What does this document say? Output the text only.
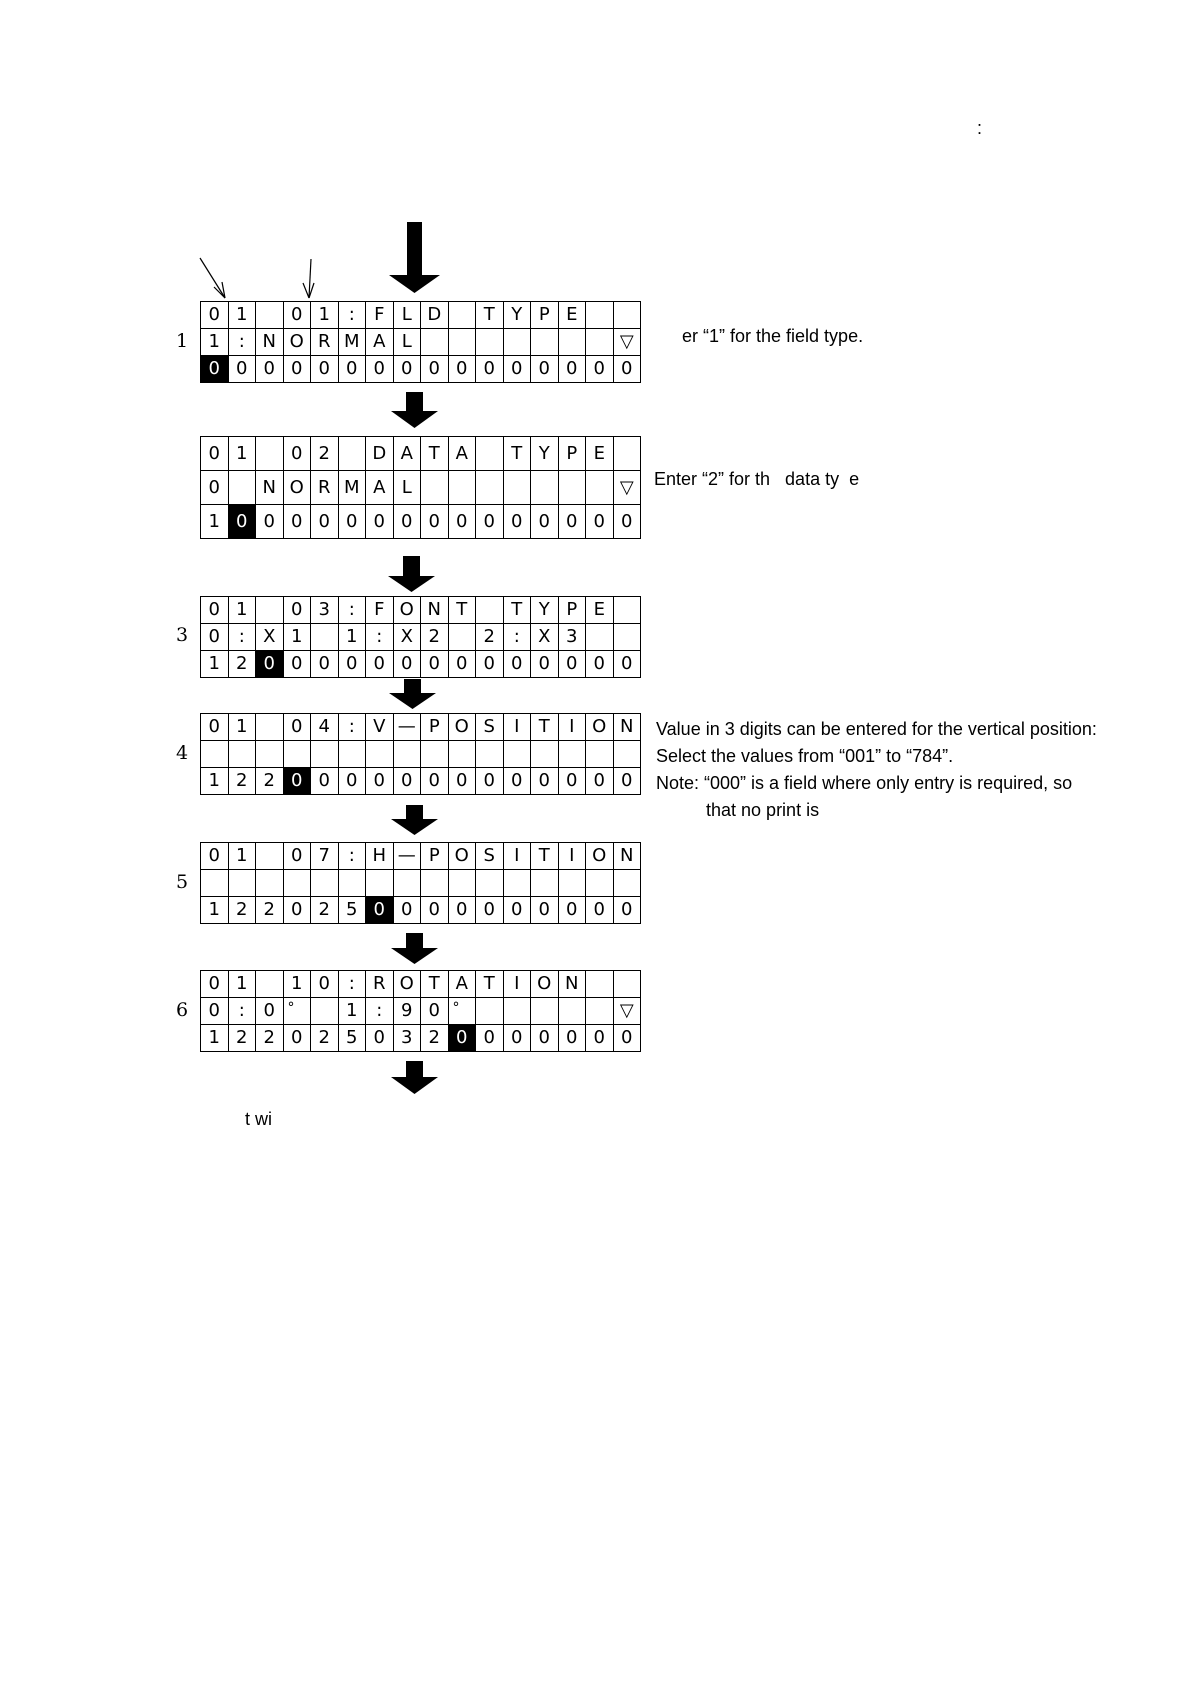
:
0 1	0 1	:	F L D	T Y P E
1	: N O R M A L	▽
0 0 0 0 0 0 0 0 0 0 0 0 0 0 0 0
1
0 1	0 2	D A T A	T Y P E
0	N O R M A L	▽
1 0 0 0 0 0 0 0 0 0 0 0 0 0 0 0
0 1	0 3	:	F O N T	T Y P E
0	:	X 1	1	:	X 2	2	:	X 3
1 2 0 0 0 0 0 0 0 0 0 0 0 0 0 0
3
0 1	0 4	:	V — P O S	I	T	I O N
1 2 2 0 0 0 0 0 0 0 0 0 0 0 0 0
4
0 1	0 7	: H — P O S	I	T	I O N
1 2 2 0 2 5 0 0 0 0 0 0 0 0 0 0
5
0 1	1 0	:	R O T A T	I O N
0	:	0 °	1	:	9 0 °	▽
1 2 2 0 2 5 0 3 2 0 0 0 0 0 0 0
6
er “1” for the field type.
Enter “2” for th   data ty  e
Value in 3 digits can be entered for the vertical position:
Select the values from “001” to “784”.
Note: “000” is a field where only entry is required, so
that no print is
t wi
